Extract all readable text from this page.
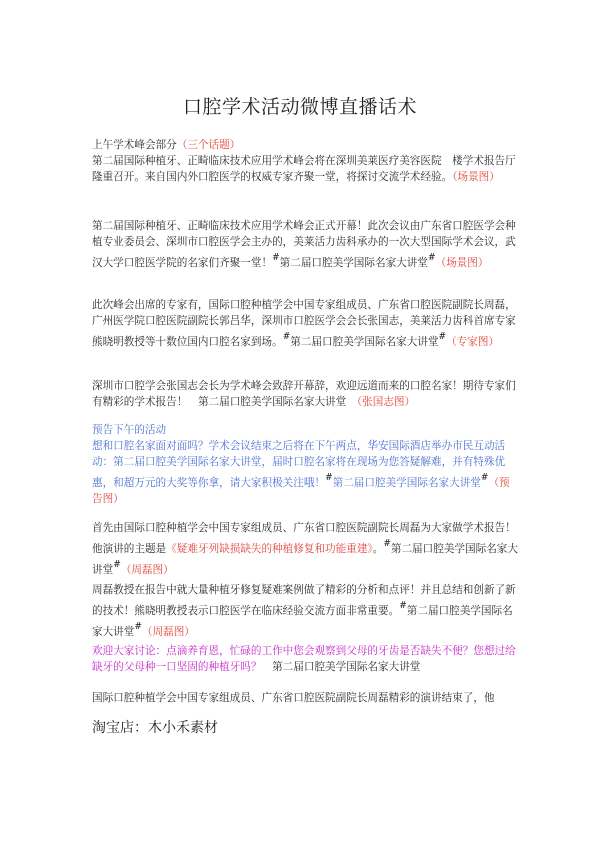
口腔学术活动微博直播话术
上午学术峰会部分（三个话题）
第二届国际种植牙、正畸临床技术应用学术峰会将在深圳美莱医疗美容医院　楼学术报告厅隆重召开。来自国内外口腔医学的权威专家齐聚一堂，将探讨交流学术经验。（场景图）
第二届国际种植牙、正畸临床技术应用学术峰会正式开幕！此次会议由广东省口腔医学会种植专业委员会、深圳市口腔医学会主办的，美莱活力齿科承办的一次大型国际学术会议，武汉大学口腔医学院的名家们齐聚一堂！#第二届口腔美学国际名家大讲堂#（场景图）
此次峰会出席的专家有，国际口腔种植学会中国专家组成员、广东省口腔医院副院长周磊，广州医学院口腔医院副院长郭吕华，深圳市口腔医学会会长张国志，美莱活力齿科首席专家熊晓明教授等十数位国内口腔名家到场。#第二届口腔美学国际名家大讲堂#（专家图）
深圳市口腔学会张国志会长为学术峰会致辞开幕辞，欢迎远道而来的口腔名家！期待专家们有精彩的学术报告！　 第二届口腔美学国际名家大讲堂　 （张国志图）
预告下午的活动
想和口腔名家面对面吗？学术会议结束之后将在下午两点，华安国际酒店举办市民互动活动：第二届口腔美学国际名家大讲堂，届时口腔名家将在现场为您答疑解难，并有特殊优惠，和超万元的大奖等你拿，请大家积极关注哦！#第二届口腔美学国际名家大讲堂#（预告图）
首先由国际口腔种植学会中国专家组成员、广东省口腔医院副院长周磊为大家做学术报告！他演讲的主题是《疑难牙列缺损缺失的种植修复和功能重建》。#第二届口腔美学国际名家大讲堂#（周磊图）
周磊教授在报告中就大量种植牙修复疑难案例做了精彩的分析和点评！并且总结和创新了新的技术！熊晓明教授表示口腔医学在临床经验交流方面非常重要。#第二届口腔美学国际名家大讲堂#（周磊图）
欢迎大家讨论：点滴养育恩，忙碌的工作中您会观察到父母的牙齿是否缺失不便？您想过给缺牙的父母种一口坚固的种植牙吗？　 第二届口腔美学国际名家大讲堂
国际口腔种植学会中国专家组成员、广东省口腔医院副院长周磊精彩的演讲结束了，他
淘宝店：木小禾素材
